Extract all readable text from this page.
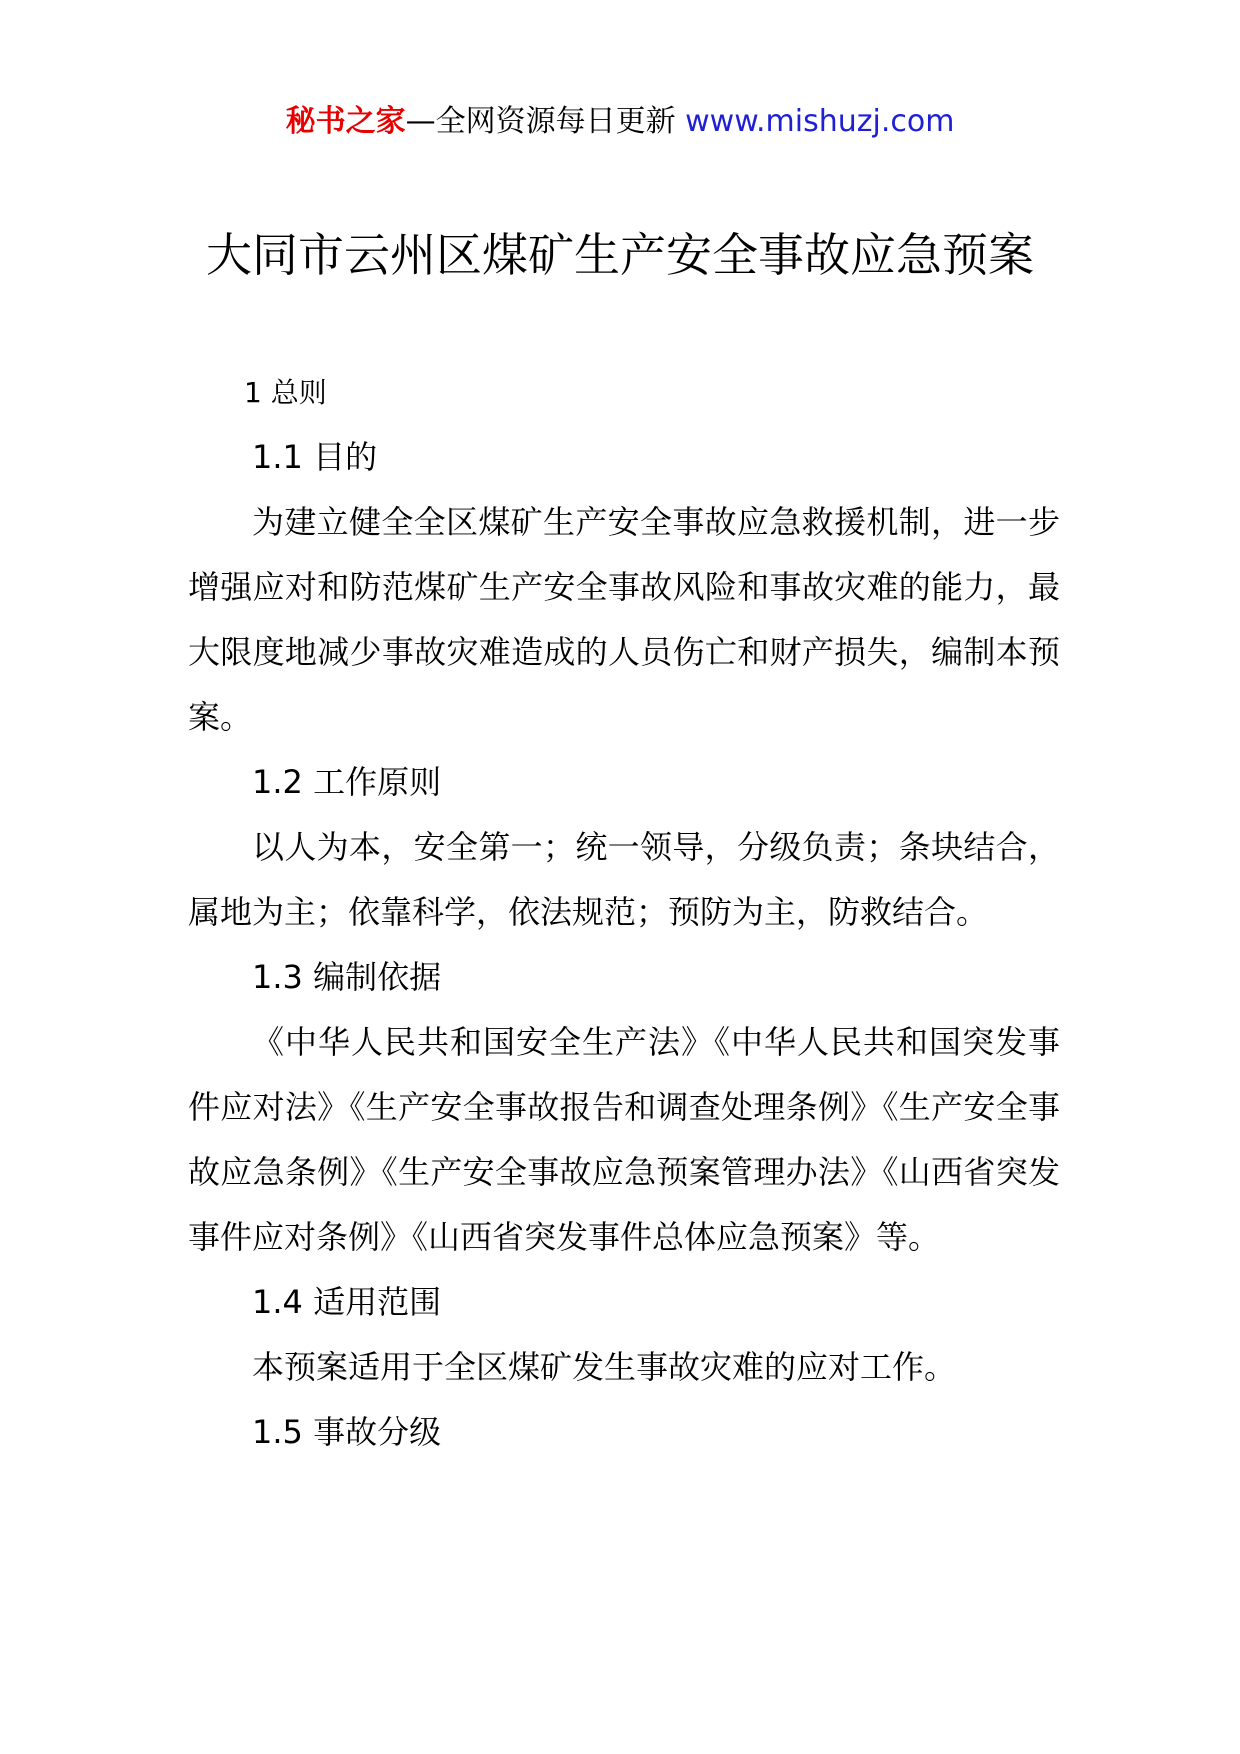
秘书之家—全网资源每日更新 www.mishuzj.com
大同市云州区煤矿生产安全事故应急预案

1 总则

1.1 目的

为建立健全全区煤矿生产安全事故应急救援机制，进一步增强应对和防范煤矿生产安全事故风险和事故灾难的能力，最大限度地减少事故灾难造成的人员伤亡和财产损失，编制本预案。

1.2 工作原则

以人为本，安全第一；统一领导，分级负责；条块结合，属地为主；依靠科学，依法规范；预防为主，防救结合。

1.3 编制依据

《中华人民共和国安全生产法》《中华人民共和国突发事件应对法》《生产安全事故报告和调查处理条例》《生产安全事故应急条例》《生产安全事故应急预案管理办法》《山西省突发事件应对条例》《山西省突发事件总体应急预案》等。

1.4 适用范围

本预案适用于全区煤矿发生事故灾难的应对工作。

1.5 事故分级
